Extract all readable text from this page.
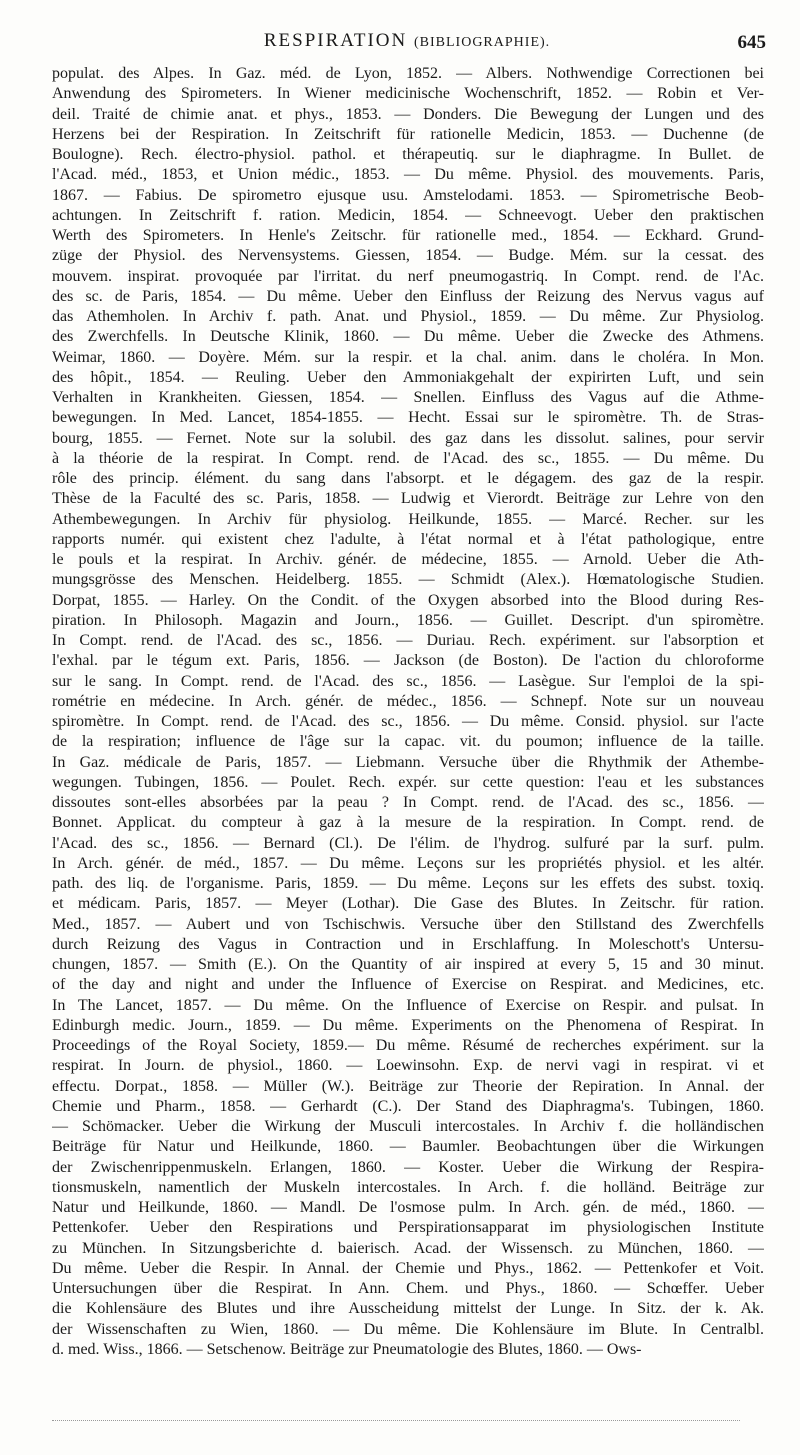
RESPIRATION (BIBLIOGRAPHIE).	645
populat. des Alpes. In Gaz. méd. de Lyon, 1852. — Albers. Nothwendige Correctionen bei
Anwendung des Spirometers. In Wiener medicinische Wochenschrift, 1852. — Robin et Ver-
deil. Traité de chimie anat. et phys., 1853. — Donders. Die Bewegung der Lungen und des
Herzens bei der Respiration. In Zeitschrift für rationelle Medicin, 1853. — Duchenne (de
Boulogne). Rech. électro-physiol. pathol. et thérapeutiq. sur le diaphragme. In Bullet. de
l'Acad. méd., 1853, et Union médic., 1853. — Du même. Physiol. des mouvements. Paris,
1867. — Fabius. De spirometro ejusque usu. Amstelodami. 1853. — Spirometrische Beob-
achtungen. In Zeitschrift f. ration. Medicin, 1854. — Schneevogt. Ueber den praktischen
Werth des Spirometers. In Henle's Zeitschr. für rationelle med., 1854. — Eckhard. Grund-
züge der Physiol. des Nervensystems. Giessen, 1854. — Budge. Mém. sur la cessat. des
mouvem. inspirat. provoquée par l'irritat. du nerf pneumogastriq. In Compt. rend. de l'Ac.
des sc. de Paris, 1854. — Du même. Ueber den Einfluss der Reizung des Nervus vagus auf
das Athemholen. In Archiv f. path. Anat. und Physiol., 1859. — Du même. Zur Physiolog.
des Zwerchfells. In Deutsche Klinik, 1860. — Du même. Ueber die Zwecke des Athmens.
Weimar, 1860. — Doyère. Mém. sur la respir. et la chal. anim. dans le choléra. In Mon.
des hôpit., 1854. — Reuling. Ueber den Ammoniakgehalt der expirirten Luft, und sein
Verhalten in Krankheiten. Giessen, 1854. — Snellen. Einfluss des Vagus auf die Athme-
bewegungen. In Med. Lancet, 1854-1855. — Hecht. Essai sur le spiromètre. Th. de Stras-
bourg, 1855. — Fernet. Note sur la solubil. des gaz dans les dissolut. salines, pour servir
à la théorie de la respirat. In Compt. rend. de l'Acad. des sc., 1855. — Du même. Du
rôle des princip. élément. du sang dans l'absorpt. et le dégagem. des gaz de la respir.
Thèse de la Faculté des sc. Paris, 1858. — Ludwig et Vierordt. Beiträge zur Lehre von den
Athembewegungen. In Archiv für physiolog. Heilkunde, 1855. — Marcé. Recher. sur les
rapports numér. qui existent chez l'adulte, à l'état normal et à l'état pathologique, entre
le pouls et la respirat. In Archiv. génér. de médecine, 1855. — Arnold. Ueber die Ath-
mungsgrösse des Menschen. Heidelberg. 1855. — Schmidt (Alex.). Hœmatologische Studien.
Dorpat, 1855. — Harley. On the Condit. of the Oxygen absorbed into the Blood during Res-
piration. In Philosoph. Magazin and Journ., 1856. — Guillet. Descript. d'un spiromètre.
In Compt. rend. de l'Acad. des sc., 1856. — Duriau. Rech. expériment. sur l'absorption et
l'exhal. par le tégum ext. Paris, 1856. — Jackson (de Boston). De l'action du chloroforme
sur le sang. In Compt. rend. de l'Acad. des sc., 1856. — Lasègue. Sur l'emploi de la spi-
rométrie en médecine. In Arch. génér. de médec., 1856. — Schnepf. Note sur un nouveau
spiromètre. In Compt. rend. de l'Acad. des sc., 1856. — Du même. Consid. physiol. sur l'acte
de la respiration; influence de l'âge sur la capac. vit. du poumon; influence de la taille.
In Gaz. médicale de Paris, 1857. — Liebmann. Versuche über die Rhythmik der Athembe-
wegungen. Tubingen, 1856. — Poulet. Rech. expér. sur cette question: l'eau et les substances
dissoutes sont-elles absorbées par la peau ? In Compt. rend. de l'Acad. des sc., 1856. —
Bonnet. Applicat. du compteur à gaz à la mesure de la respiration. In Compt. rend. de
l'Acad. des sc., 1856. — Bernard (Cl.). De l'élim. de l'hydrog. sulfuré par la surf. pulm.
In Arch. génér. de méd., 1857. — Du même. Leçons sur les propriétés physiol. et les altér.
path. des liq. de l'organisme. Paris, 1859. — Du même. Leçons sur les effets des subst. toxiq.
et médicam. Paris, 1857. — Meyer (Lothar). Die Gase des Blutes. In Zeitschr. für ration.
Med., 1857. — Aubert und von Tschischwis. Versuche über den Stillstand des Zwerchfells
durch Reizung des Vagus in Contraction und in Erschlaffung. In Moleschott's Untersu-
chungen, 1857. — Smith (E.). On the Quantity of air inspired at every 5, 15 and 30 minut.
of the day and night and under the Influence of Exercise on Respirat. and Medicines, etc.
In The Lancet, 1857. — Du même. On the Influence of Exercise on Respir. and pulsat. In
Edinburgh medic. Journ., 1859. — Du même. Experiments on the Phenomena of Respirat. In
Proceedings of the Royal Society, 1859.— Du même. Résumé de recherches expériment. sur la
respirat. In Journ. de physiol., 1860. — Loewinsohn. Exp. de nervi vagi in respirat. vi et
effectu. Dorpat., 1858. — Müller (W.). Beiträge zur Theorie der Repiration. In Annal. der
Chemie und Pharm., 1858. — Gerhardt (C.). Der Stand des Diaphragma's. Tubingen, 1860.
— Schömacker. Ueber die Wirkung der Musculi intercostales. In Archiv f. die holländischen
Beiträge für Natur und Heilkunde, 1860. — Baumler. Beobachtungen über die Wirkungen
der Zwischenrippenmuskeln. Erlangen, 1860. — Koster. Ueber die Wirkung der Respira-
tionsmuskeln, namentlich der Muskeln intercostales. In Arch. f. die holländ. Beiträge zur
Natur und Heilkunde, 1860. — Mandl. De l'osmose pulm. In Arch. gén. de méd., 1860. —
Pettenkofer. Ueber den Respirations und Perspirationsapparat im physiologischen Institute
zu München. In Sitzungsberichte d. baierisch. Acad. der Wissensch. zu München, 1860. —
Du même. Ueber die Respir. In Annal. der Chemie und Phys., 1862. — Pettenkofer et Voit.
Untersuchungen über die Respirat. In Ann. Chem. und Phys., 1860. — Schœffer. Ueber
die Kohlensäure des Blutes und ihre Ausscheidung mittelst der Lunge. In Sitz. der k. Ak.
der Wissenschaften zu Wien, 1860. — Du même. Die Kohlensäure im Blute. In Centralbl.
d. med. Wiss., 1866. — Setschenow. Beiträge zur Pneumatologie des Blutes, 1860. — Ows-
